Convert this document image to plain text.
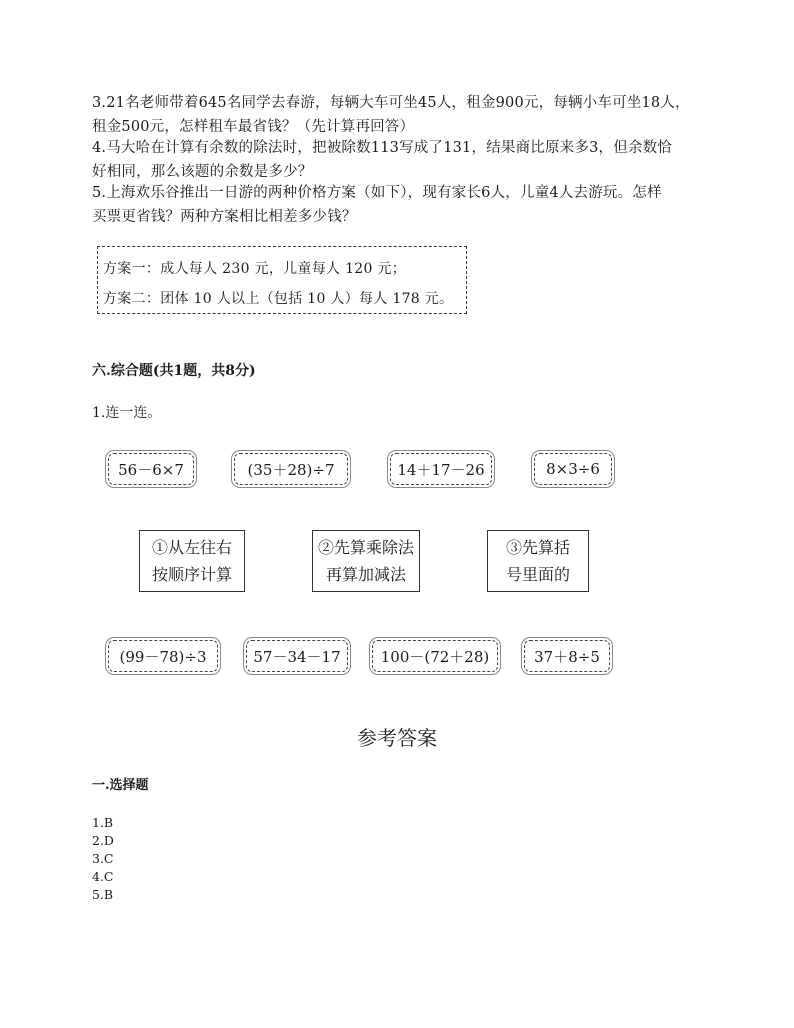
3.21名老师带着645名同学去春游，每辆大车可坐45人，租金900元，每辆小车可坐18人，
租金500元，怎样租车最省钱？（先计算再回答）
4.马大哈在计算有余数的除法时，把被除数113写成了131，结果商比原来多3，但余数恰
好相同，那么该题的余数是多少？
5.上海欢乐谷推出一日游的两种价格方案（如下），现有家长6人，儿童4人去游玩。怎样
买票更省钱？两种方案相比相差多少钱？
方案一：成人每人 230 元，儿童每人 120 元；
方案二：团体 10 人以上（包括 10 人）每人 178 元。
六.综合题(共1题，共8分)
1.连一连。
56－6×7	(35＋28)÷7	14＋17－26	8×3÷6
①从左往右
按顺序计算
②先算乘除法
再算加减法
③先算括
号里面的
(99－78)÷3	57－34－17	100－(72＋28)	37＋8÷5
参考答案
一.选择题
1.B
2.D
3.C
4.C
5.B
